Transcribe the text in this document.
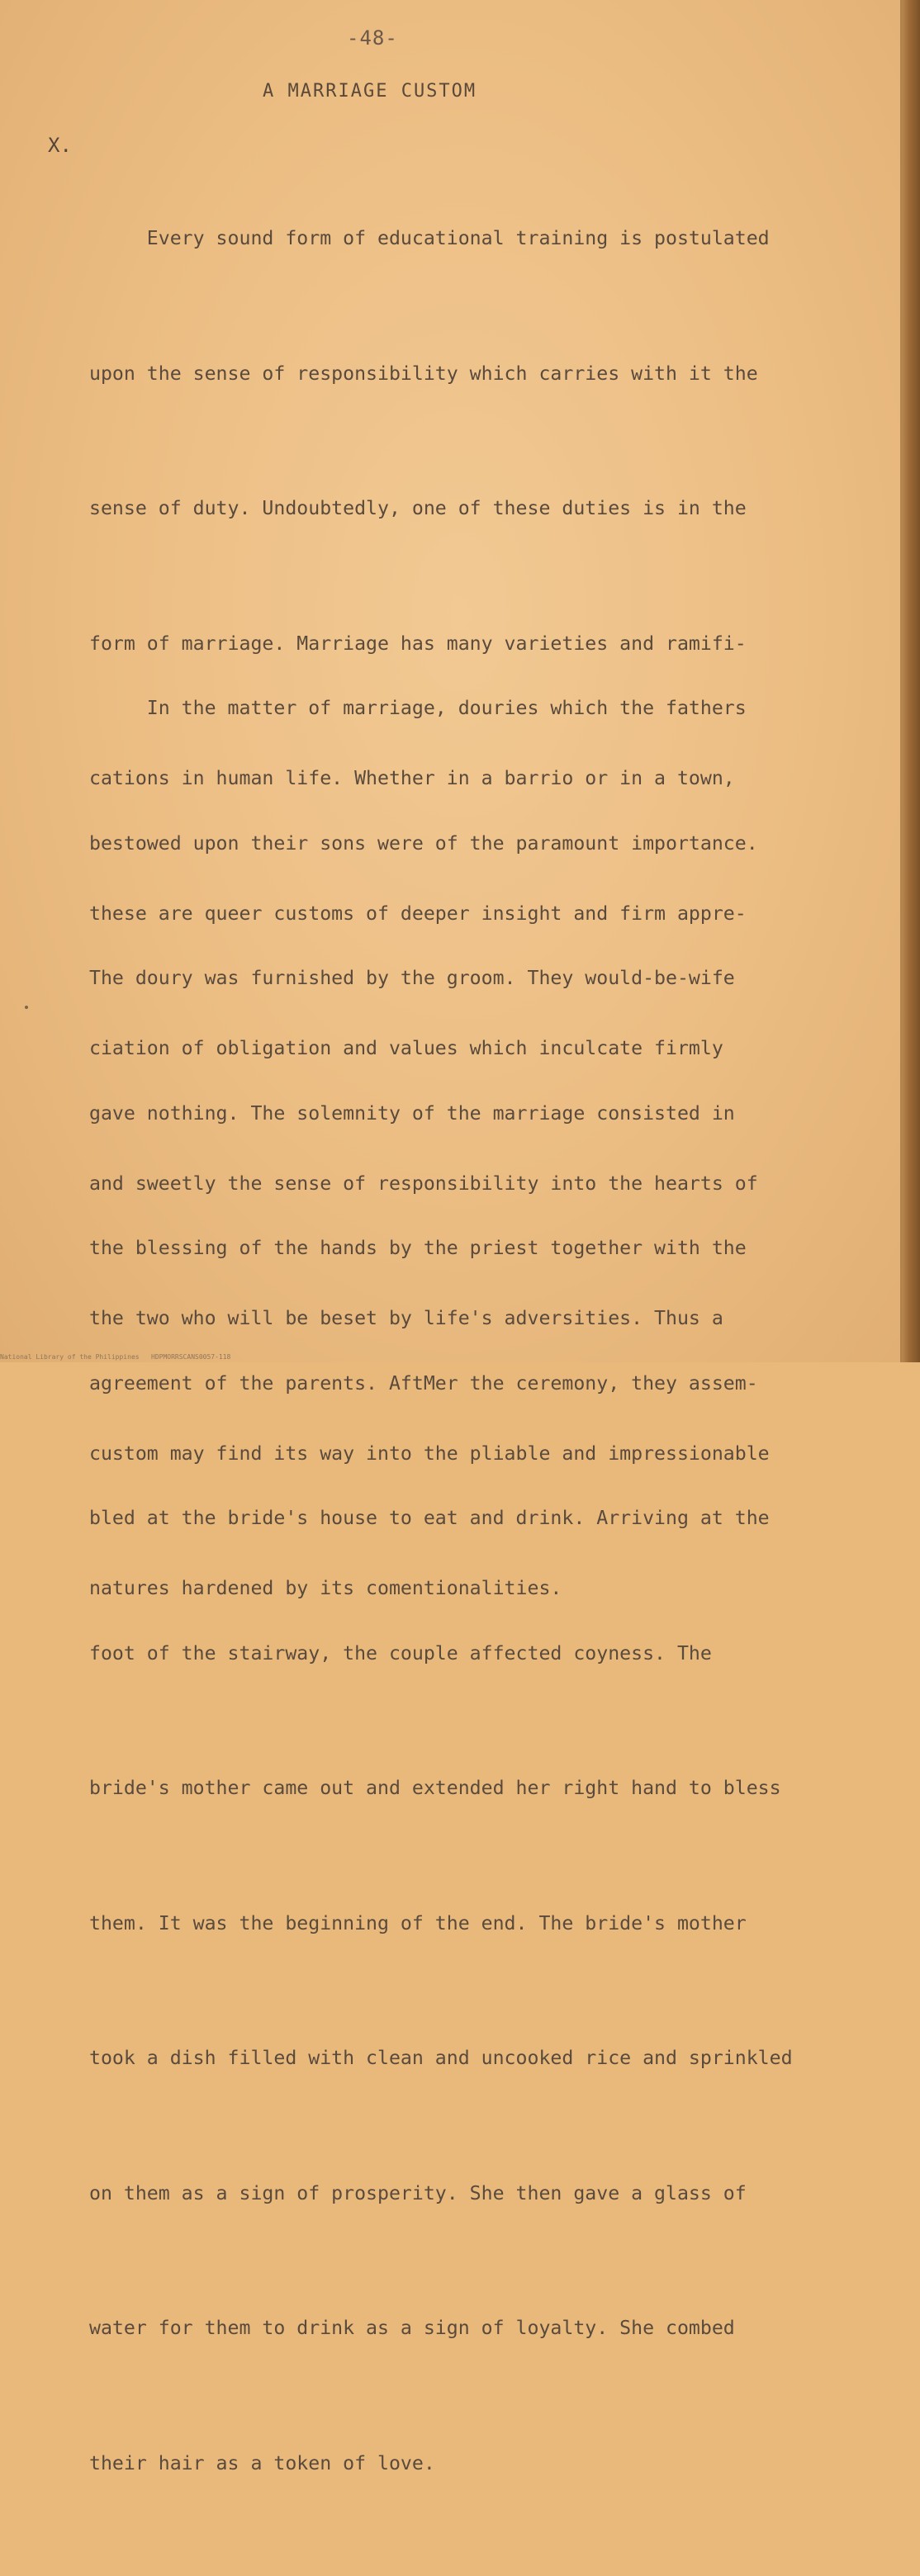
-48-
A MARRIAGE CUSTOM
X.

Every sound form of educational training is postulated

upon the sense of responsibility which carries with it the

sense of duty. Undoubtedly, one of these duties is in the

form of marriage. Marriage has many varieties and ramifi-

cations in human life. Whether in a barrio or in a town,

these are queer customs of deeper insight and firm appre-

ciation of obligation and values which inculcate firmly

and sweetly the sense of responsibility into the hearts of

the two who will be beset by life's adversities. Thus a

custom may find its way into the pliable and impressionable

natures hardened by its comentionalities.

In the matter of marriage, douries which the fathers

bestowed upon their sons were of the paramount importance.

The doury was furnished by the groom. They would-be-wife

gave nothing. The solemnity of the marriage consisted in

the blessing of the hands by the priest together with the

agreement of the parents. AftMer the ceremony, they assem-

bled at the bride's house to eat and drink. Arriving at the

foot of the stairway, the couple affected coyness. The

bride's mother came out and extended her right hand to bless

them. It was the beginning of the end. The bride's mother

took a dish filled with clean and uncooked rice and sprinkled

on them as a sign of prosperity. She then gave a glass of

water for them to drink as a sign of loyalty. She combed

their hair as a token of love.

National Library of the Philippines   HDPMORRSCANS0057-118
